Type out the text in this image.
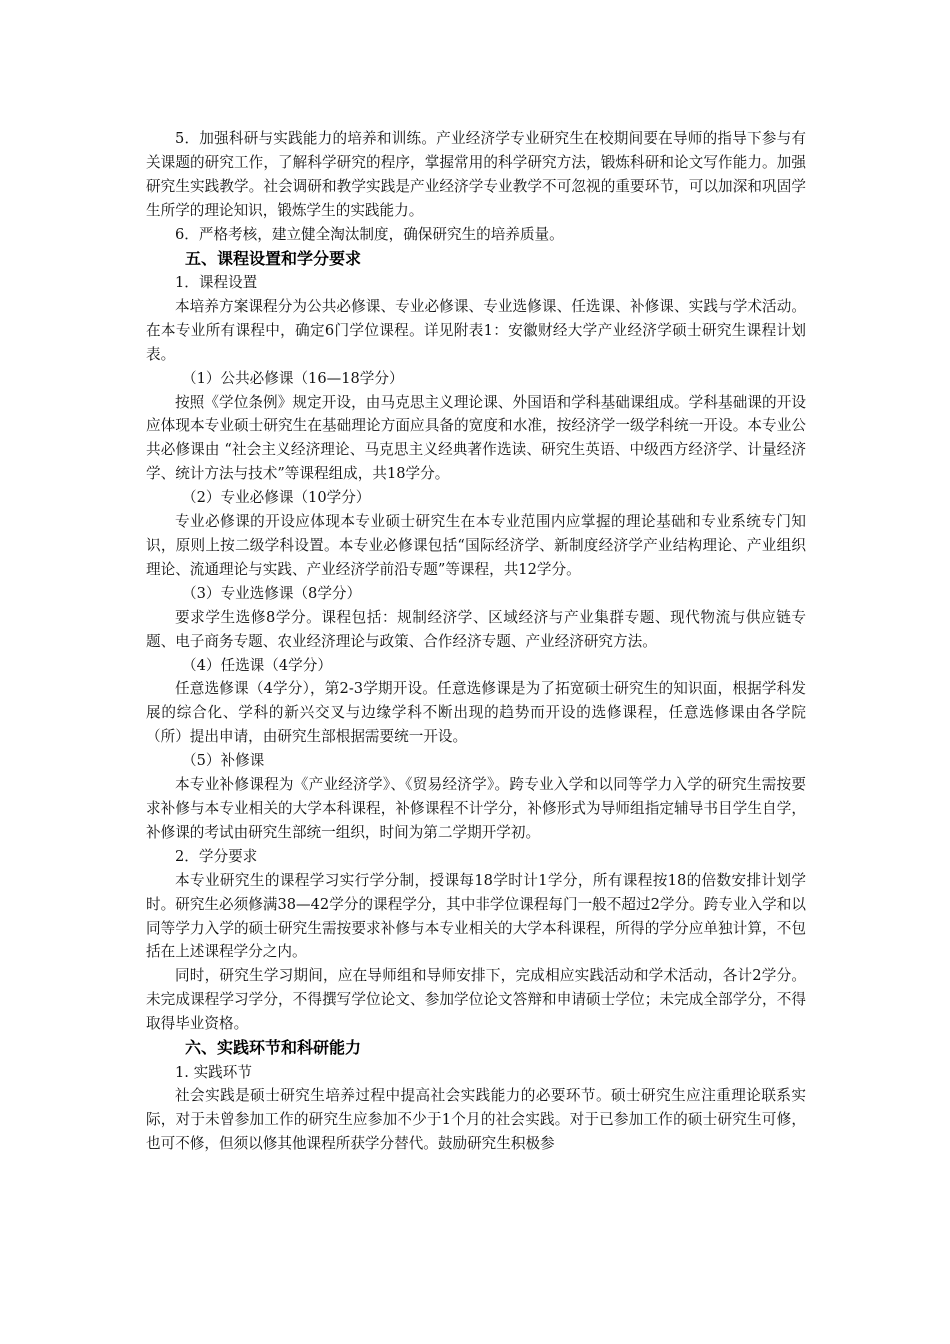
5．加强科研与实践能力的培养和训练。产业经济学专业研究生在校期间要在导师的指导下参与有关课题的研究工作，了解科学研究的程序，掌握常用的科学研究方法，锻炼科研和论文写作能力。加强研究生实践教学。社会调研和教学实践是产业经济学专业教学不可忽视的重要环节，可以加深和巩固学生所学的理论知识，锻炼学生的实践能力。

6．严格考核，建立健全淘汰制度，确保研究生的培养质量。

五、课程设置和学分要求

1．课程设置

本培养方案课程分为公共必修课、专业必修课、专业选修课、任选课、补修课、实践与学术活动。在本专业所有课程中，确定6门学位课程。详见附表1：安徽财经大学产业经济学硕士研究生课程计划表。

（1）公共必修课（16—18学分）

按照《学位条例》规定开设，由马克思主义理论课、外国语和学科基础课组成。学科基础课的开设应体现本专业硕士研究生在基础理论方面应具备的宽度和水准，按经济学一级学科统一开设。本专业公共必修课由 “社会主义经济理论、马克思主义经典著作选读、研究生英语、中级西方经济学、计量经济学、统计方法与技术”等课程组成，共18学分。

（2）专业必修课（10学分）

专业必修课的开设应体现本专业硕士研究生在本专业范围内应掌握的理论基础和专业系统专门知识，原则上按二级学科设置。本专业必修课包括“国际经济学、新制度经济学产业结构理论、产业组织理论、流通理论与实践、产业经济学前沿专题”等课程，共12学分。

（3）专业选修课（8学分）

要求学生选修8学分。课程包括：规制经济学、区域经济与产业集群专题、现代物流与供应链专题、电子商务专题、农业经济理论与政策、合作经济专题、产业经济研究方法。

（4）任选课（4学分）

任意选修课（4学分），第2-3学期开设。任意选修课是为了拓宽硕士研究生的知识面，根据学科发展的综合化、学科的新兴交叉与边缘学科不断出现的趋势而开设的选修课程，任意选修课由各学院（所）提出申请，由研究生部根据需要统一开设。

（5）补修课

本专业补修课程为《产业经济学》、《贸易经济学》。跨专业入学和以同等学力入学的研究生需按要求补修与本专业相关的大学本科课程，补修课程不计学分，补修形式为导师组指定辅导书目学生自学，补修课的考试由研究生部统一组织，时间为第二学期开学初。

2．学分要求

本专业研究生的课程学习实行学分制，授课每18学时计1学分，所有课程按18的倍数安排计划学时。研究生必须修满38—42学分的课程学分，其中非学位课程每门一般不超过2学分。跨专业入学和以同等学力入学的硕士研究生需按要求补修与本专业相关的大学本科课程，所得的学分应单独计算，不包括在上述课程学分之内。

同时，研究生学习期间，应在导师组和导师安排下，完成相应实践活动和学术活动，各计2学分。未完成课程学习学分，不得撰写学位论文、参加学位论文答辩和申请硕士学位；未完成全部学分，不得取得毕业资格。

六、实践环节和科研能力

1. 实践环节

社会实践是硕士研究生培养过程中提高社会实践能力的必要环节。硕士研究生应注重理论联系实际，对于未曾参加工作的研究生应参加不少于1个月的社会实践。对于已参加工作的硕士研究生可修，也可不修，但须以修其他课程所获学分替代。鼓励研究生积极参
